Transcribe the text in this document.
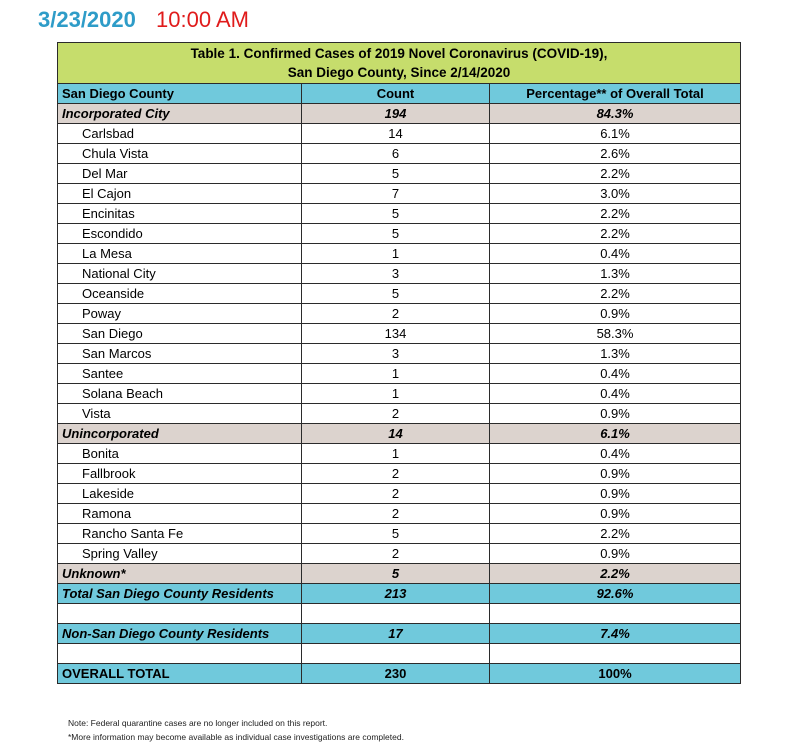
3/23/2020 10:00 AM
Table 1. Confirmed Cases of 2019 Novel Coronavirus (COVID-19),
San Diego County, Since 2/14/2020		

San Diego County	Count	Percentage** of Overall Total
Incorporated City	194	84.3%
Carlsbad	14	6.1%
Chula Vista	6	2.6%
Del Mar	5	2.2%
El Cajon	7	3.0%
Encinitas	5	2.2%
Escondido	5	2.2%
La Mesa	1	0.4%
National City	3	1.3%
Oceanside	5	2.2%
Poway	2	0.9%
San Diego	134	58.3%
San Marcos	3	1.3%
Santee	1	0.4%
Solana Beach	1	0.4%
Vista	2	0.9%
Unincorporated	14	6.1%
Bonita	1	0.4%
Fallbrook	2	0.9%
Lakeside	2	0.9%
Ramona	2	0.9%
Rancho Santa Fe	5	2.2%
Spring Valley	2	0.9%
Unknown*	5	2.2%
Total San Diego County Residents	213	92.6%

Non-San Diego County Residents	17	7.4%

OVERALL TOTAL	230	100%
Note: Federal quarantine cases are no longer included on this report.
*More information may become available as individual case investigations are completed.
